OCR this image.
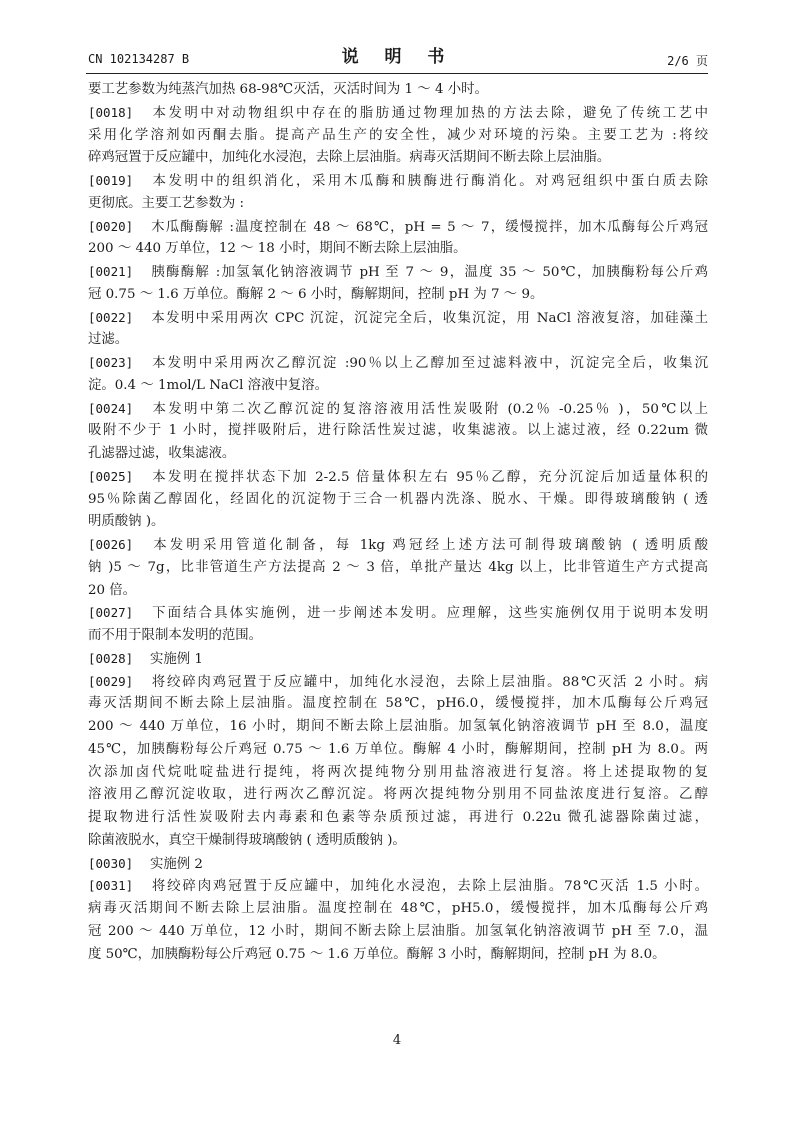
CN 102134287 B	说 明 书	2/6 页
要工艺参数为纯蒸汽加热 68-98℃灭活，灭活时间为 1 ～ 4 小时。
[0018] 本发明中对动物组织中存在的脂肪通过物理加热的方法去除，避免了传统工艺中
采用化学溶剂如丙酮去脂。提高产品生产的安全性，减少对环境的污染。主要工艺为 :将绞
碎鸡冠置于反应罐中，加纯化水浸泡，去除上层油脂。病毒灭活期间不断去除上层油脂。
[0019] 本发明中的组织消化，采用木瓜酶和胰酶进行酶消化。对鸡冠组织中蛋白质去除
更彻底。主要工艺参数为 :
[0020] 木瓜酶酶解 :温度控制在 48 ～ 68℃，pH = 5 ～ 7，缓慢搅拌，加木瓜酶每公斤鸡冠
200 ～ 440 万单位，12 ～ 18 小时，期间不断去除上层油脂。
[0021] 胰酶酶解 :加氢氧化钠溶液调节 pH 至 7 ～ 9，温度 35 ～ 50℃，加胰酶粉每公斤鸡
冠 0.75 ～ 1.6 万单位。酶解 2 ～ 6 小时，酶解期间，控制 pH 为 7 ～ 9。
[0022] 本发明中采用两次 CPC 沉淀，沉淀完全后，收集沉淀，用 NaCl 溶液复溶，加硅藻土
过滤。
[0023] 本发明中采用两次乙醇沉淀 :90％以上乙醇加至过滤料液中，沉淀完全后，收集沉
淀。0.4 ～ 1mol/L NaCl 溶液中复溶。
[0024] 本发明中第二次乙醇沉淀的复溶溶液用活性炭吸附 (0.2％ -0.25％ )，50℃以上
吸附不少于 1 小时，搅拌吸附后，进行除活性炭过滤，收集滤液。以上滤过液，经 0.22um 微
孔滤器过滤，收集滤液。
[0025] 本发明在搅拌状态下加 2-2.5 倍量体积左右 95％乙醇，充分沉淀后加适量体积的
95％除菌乙醇固化，经固化的沉淀物于三合一机器内洗涤、脱水、干燥。即得玻璃酸钠 ( 透
明质酸钠 )。
[0026] 本发明采用管道化制备，每 1kg 鸡冠经上述方法可制得玻璃酸钠 ( 透明质酸
钠 )5 ～ 7g，比非管道生产方法提高 2 ～ 3 倍，单批产量达 4kg 以上，比非管道生产方式提高
20 倍。
[0027] 下面结合具体实施例，进一步阐述本发明。应理解，这些实施例仅用于说明本发明
而不用于限制本发明的范围。
[0028] 实施例 1
[0029] 将绞碎肉鸡冠置于反应罐中，加纯化水浸泡，去除上层油脂。88℃灭活 2 小时。病
毒灭活期间不断去除上层油脂。温度控制在 58℃，pH6.0，缓慢搅拌，加木瓜酶每公斤鸡冠
200 ～ 440 万单位，16 小时，期间不断去除上层油脂。加氢氧化钠溶液调节 pH 至 8.0，温度
45℃，加胰酶粉每公斤鸡冠 0.75 ～ 1.6 万单位。酶解 4 小时，酶解期间，控制 pH 为 8.0。两
次添加卤代烷吡啶盐进行提纯，将两次提纯物分别用盐溶液进行复溶。将上述提取物的复
溶液用乙醇沉淀收取，进行两次乙醇沉淀。将两次提纯物分别用不同盐浓度进行复溶。乙醇
提取物进行活性炭吸附去内毒素和色素等杂质预过滤，再进行 0.22u 微孔滤器除菌过滤，
除菌液脱水，真空干燥制得玻璃酸钠 ( 透明质酸钠 )。
[0030] 实施例 2
[0031] 将绞碎肉鸡冠置于反应罐中，加纯化水浸泡，去除上层油脂。78℃灭活 1.5 小时。
病毒灭活期间不断去除上层油脂。温度控制在 48℃，pH5.0，缓慢搅拌，加木瓜酶每公斤鸡
冠 200 ～ 440 万单位，12 小时，期间不断去除上层油脂。加氢氧化钠溶液调节 pH 至 7.0，温
度 50℃，加胰酶粉每公斤鸡冠 0.75 ～ 1.6 万单位。酶解 3 小时，酶解期间，控制 pH 为 8.0。
4
